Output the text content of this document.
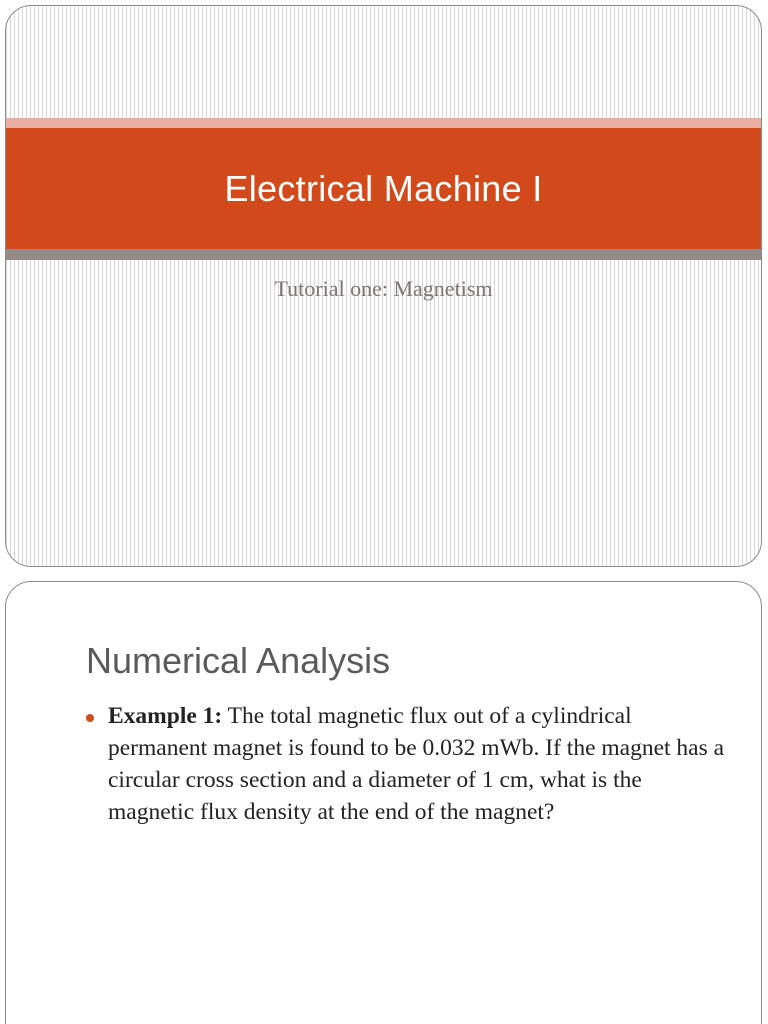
Electrical Machine I
Tutorial one: Magnetism
Numerical Analysis
Example 1: The total magnetic flux out of a cylindrical permanent magnet is found to be 0.032 mWb. If the magnet has a circular cross section and a diameter of 1 cm, what is the magnetic flux density at the end of the magnet?
